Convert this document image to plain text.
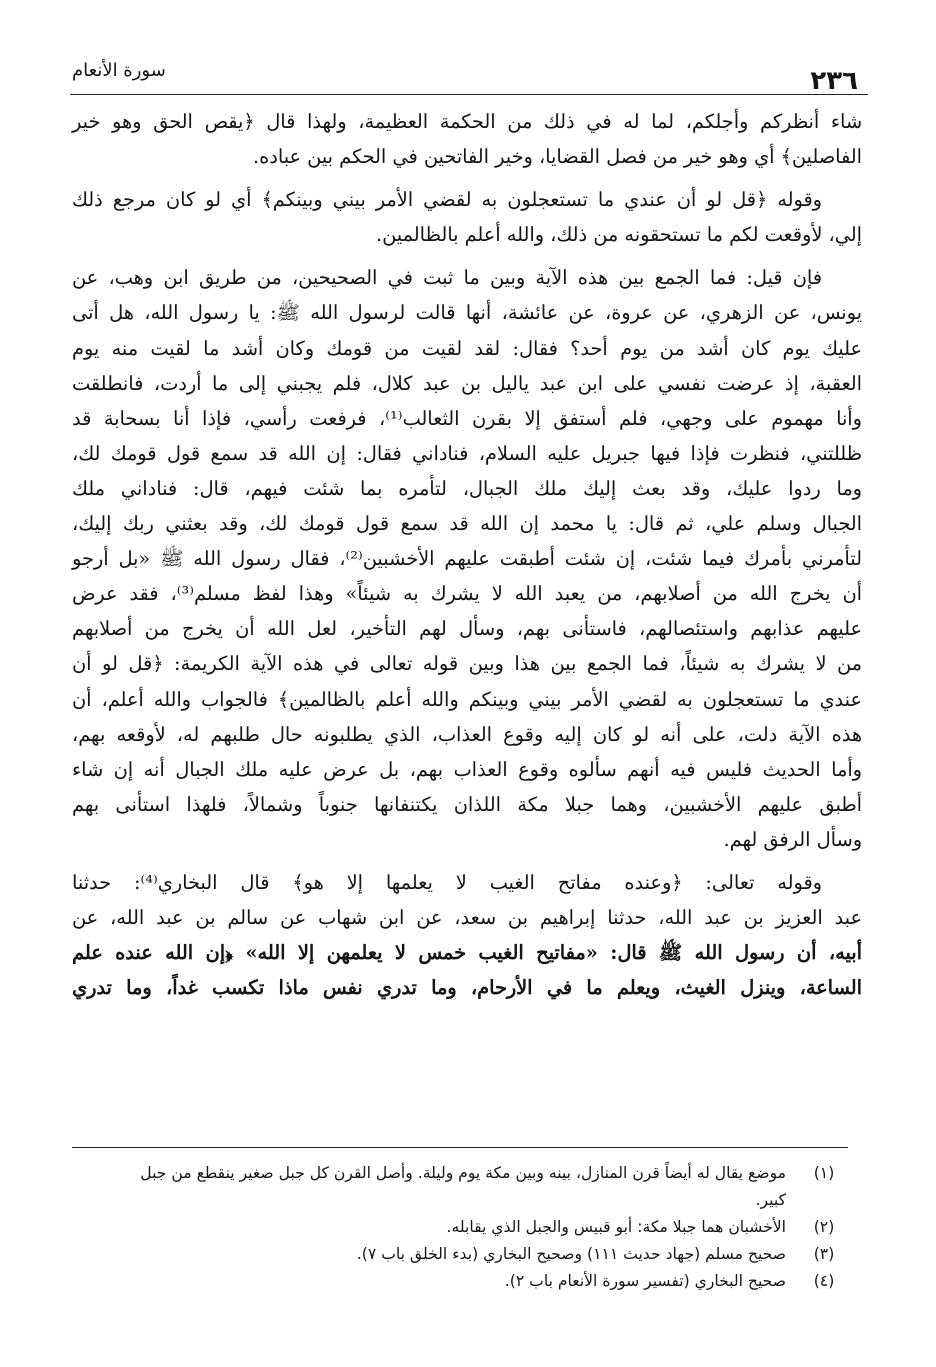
٢٣٦
سورة الأنعام

شاء أنظركم وأجلكم، لما له في ذلك من الحكمة العظيمة، ولهذا قال ﴿يقص الحق وهو خير
الفاصلين﴾ أي وهو خير من فصل القضايا، وخير الفاتحين في الحكم بين عباده.

وقوله ﴿قل لو أن عندي ما تستعجلون به لقضي الأمر بيني وبينكم﴾ أي لو كان مرجع ذلك
إلي، لأوقعت لكم ما تستحقونه من ذلك، والله أعلم بالظالمين.

فإن قيل: فما الجمع بين هذه الآية وبين ما ثبت في الصحيحين، من طريق ابن وهب، عن
يونس، عن الزهري، عن عروة، عن عائشة، أنها قالت لرسول الله ﷺ: يا رسول الله، هل أتى
عليك يوم كان أشد من يوم أحد؟ فقال: لقد لقيت من قومك وكان أشد ما لقيت منه يوم
العقبة، إذ عرضت نفسي على ابن عبد ياليل بن عبد كلال، فلم يجبني إلى ما أردت، فانطلقت
وأنا مهموم على وجهي، فلم أستفق إلا بقرن الثعالب⁽¹⁾، فرفعت رأسي، فإذا أنا بسحابة قد
ظللتني، فنظرت فإذا فيها جبريل عليه السلام، فناداني فقال: إن الله قد سمع قول قومك لك،
وما ردوا عليك، وقد بعث إليك ملك الجبال، لتأمره بما شئت فيهم، قال: فناداني ملك
الجبال وسلم علي، ثم قال: يا محمد إن الله قد سمع قول قومك لك، وقد بعثني ربك إليك،
لتأمرني بأمرك فيما شئت، إن شئت أطبقت عليهم الأخشبين⁽²⁾، فقال رسول الله ﷺ «بل أرجو
أن يخرج الله من أصلابهم، من يعبد الله لا يشرك به شيئاً» وهذا لفظ مسلم⁽³⁾، فقد عرض
عليهم عذابهم واستئصالهم، فاستأنى بهم، وسأل لهم التأخير، لعل الله أن يخرج من أصلابهم
من لا يشرك به شيئاً، فما الجمع بين هذا وبين قوله تعالى في هذه الآية الكريمة: ﴿قل لو أن
عندي ما تستعجلون به لقضي الأمر بيني وبينكم والله أعلم بالظالمين﴾ فالجواب والله أعلم، أن
هذه الآية دلت، على أنه لو كان إليه وقوع العذاب، الذي يطلبونه حال طلبهم له، لأوقعه بهم،
وأما الحديث فليس فيه أنهم سألوه وقوع العذاب بهم، بل عرض عليه ملك الجبال أنه إن شاء
أطبق عليهم الأخشبين، وهما جبلا مكة اللذان يكتنفانها جنوباً وشمالاً، فلهذا استأنى بهم
وسأل الرفق لهم.

وقوله تعالى: ﴿وعنده مفاتح الغيب لا يعلمها إلا هو﴾ قال البخاري⁽⁴⁾: حدثنا
عبد العزيز بن عبد الله، حدثنا إبراهيم بن سعد، عن ابن شهاب عن سالم بن عبد الله، عن
أبيه، أن رسول الله ﷺ قال: «مفاتيح الغيب خمس لا يعلمهن إلا الله» ﴿إن الله عنده علم
الساعة، وينزل الغيث، ويعلم ما في الأرحام، وما تدري نفس ماذا تكسب غداً، وما تدري

(١)
موضع يقال له أيضاً قرن المنازل، بينه وبين مكة يوم وليلة. وأصل القرن كل جبل صغير ينقطع من جبل
كبير.
(٢)
الأخشبان هما جبلا مكة: أبو قبيس والجبل الذي يقابله.
(٣)
صحيح مسلم (جهاد حديث ١١١) وصحيح البخاري (بدء الخلق باب ٧).
(٤)
صحيح البخاري (تفسير سورة الأنعام باب ٢).
